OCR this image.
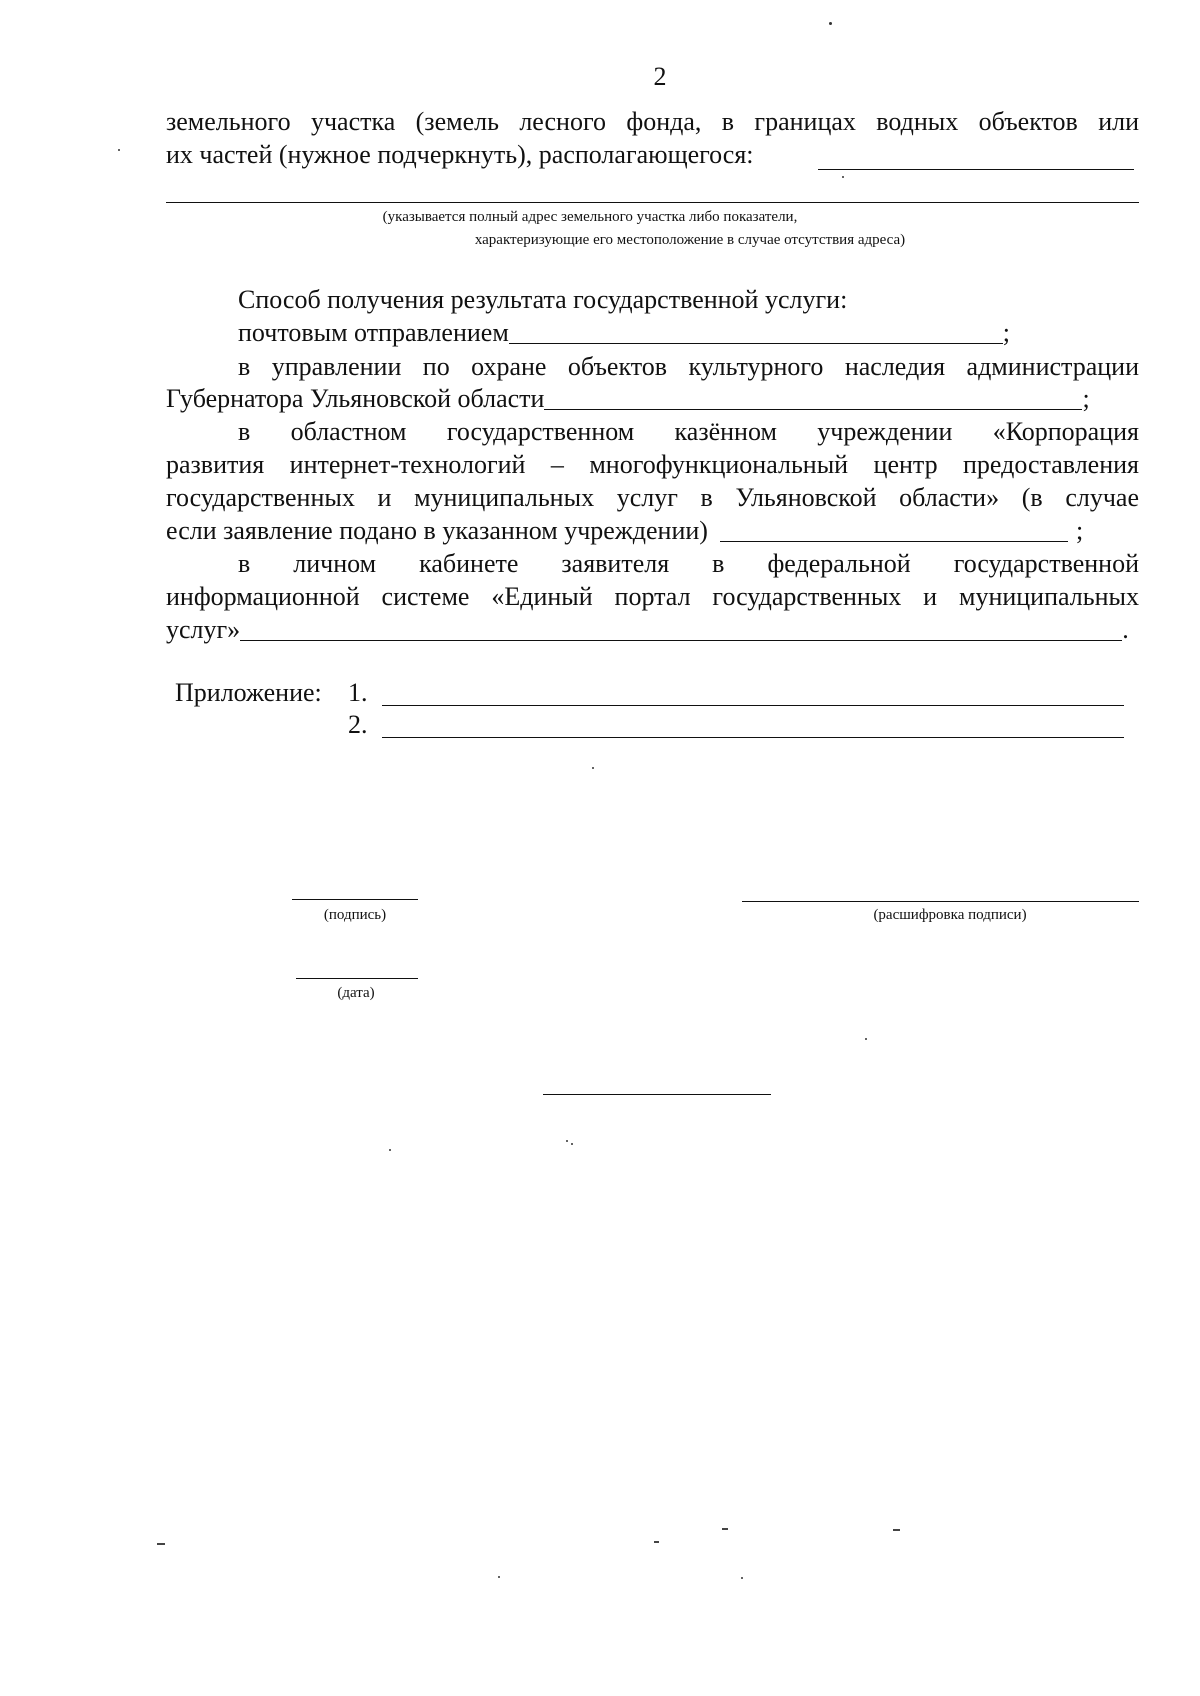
2
земельного участка (земель лесного фонда, в границах водных объектов или
их частей (нужное подчеркнуть), располагающегося:
(указывается полный адрес земельного участка либо показатели,
характеризующие его местоположение в случае отсутствия адреса)
Способ получения результата государственной услуги:
почтовым отправлением	;
в управлении по охране объектов культурного наследия администрации
Губернатора Ульяновской области	;
в областном государственном казённом учреждении «Корпорация
развития интернет-технологий – многофункциональный центр предоставления
государственных и муниципальных услуг в Ульяновской области» (в случае
если заявление подано в указанном учреждении)	;
в личном кабинете заявителя в федеральной государственной
информационной системе «Единый портал государственных и муниципальных
услуг»	.
Приложение: 1.
2.
(подпись)	(расшифровка подписи)
(дата)
